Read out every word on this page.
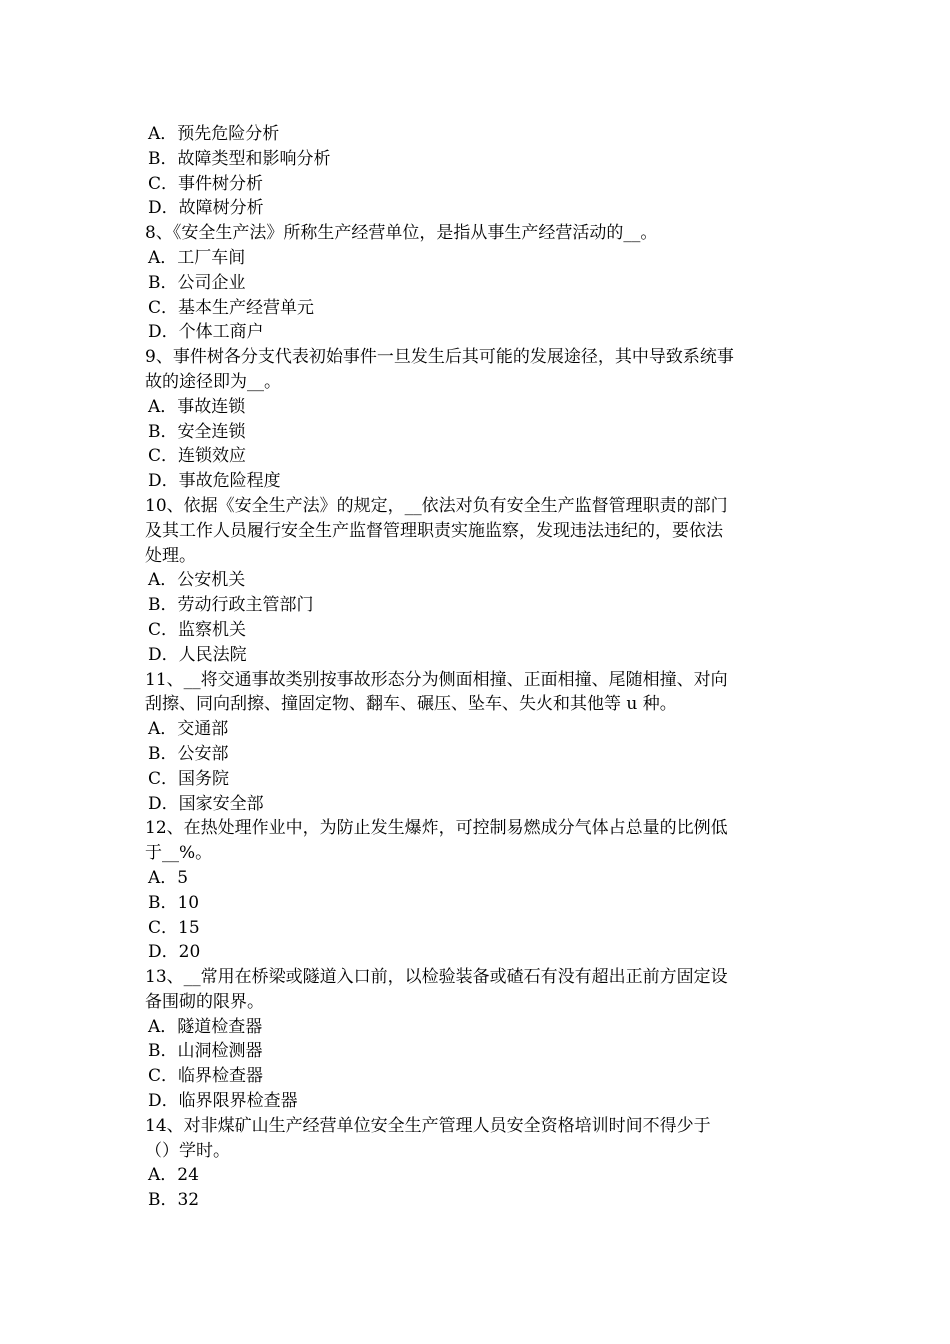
A．预先危险分析
B．故障类型和影响分析
C．事件树分析
D．故障树分析
8、《安全生产法》所称生产经营单位，是指从事生产经营活动的__。
A．工厂车间
B．公司企业
C．基本生产经营单元
D．个体工商户
9、事件树各分支代表初始事件一旦发生后其可能的发展途径，其中导致系统事
故的途径即为__。
A．事故连锁
B．安全连锁
C．连锁效应
D．事故危险程度
10、依据《安全生产法》的规定，__依法对负有安全生产监督管理职责的部门
及其工作人员履行安全生产监督管理职责实施监察，发现违法违纪的，要依法
处理。
A．公安机关
B．劳动行政主管部门
C．监察机关
D．人民法院
11、__将交通事故类别按事故形态分为侧面相撞、正面相撞、尾随相撞、对向
刮擦、同向刮擦、撞固定物、翻车、碾压、坠车、失火和其他等 u 种。
A．交通部
B．公安部
C．国务院
D．国家安全部
12、在热处理作业中，为防止发生爆炸，可控制易燃成分气体占总量的比例低
于__%。
A．5
B．10
C．15
D．20
13、__常用在桥梁或隧道入口前，以检验装备或碴石有没有超出正前方固定设
备围砌的限界。
A．隧道检查器
B．山洞检测器
C．临界检查器
D．临界限界检查器
14、对非煤矿山生产经营单位安全生产管理人员安全资格培训时间不得少于
（）学时。
A．24
B．32
